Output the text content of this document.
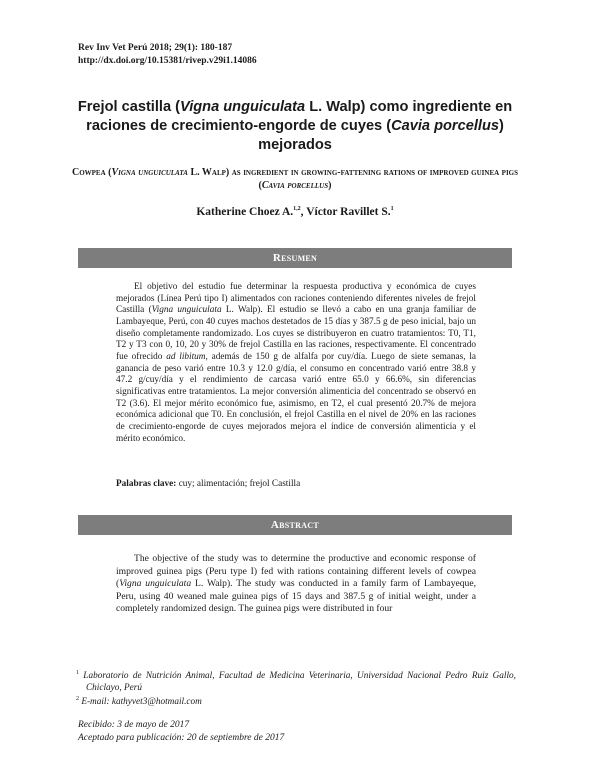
Rev Inv Vet Perú 2018; 29(1): 180-187
http://dx.doi.org/10.15381/rivep.v29i1.14086
Frejol castilla (Vigna unguiculata L. Walp) como ingrediente en raciones de crecimiento-engorde de cuyes (Cavia porcellus) mejorados
Cowpea (Vigna unguiculata L. Walp) as ingredient in growing-fattening rations of improved guinea pigs (Cavia porcellus)
Katherine Choez A.$^{1,2}$, Víctor Ravillet S.$^1$
Resumen
El objetivo del estudio fue determinar la respuesta productiva y económica de cuyes mejorados (Línea Perú tipo I) alimentados con raciones conteniendo diferentes niveles de frejol Castilla (Vigna unguiculata L. Walp). El estudio se llevó a cabo en una granja familiar de Lambayeque, Perú, con 40 cuyes machos destetados de 15 días y 387.5 g de peso inicial, bajo un diseño completamente randomizado. Los cuyes se distribuyeron en cuatro tratamientos: T0, T1, T2 y T3 con 0, 10, 20 y 30% de frejol Castilla en las raciones, respectivamente. El concentrado fue ofrecido ad libitum, además de 150 g de alfalfa por cuy/día. Luego de siete semanas, la ganancia de peso varió entre 10.3 y 12.0 g/día, el consumo en concentrado varió entre 38.8 y 47.2 g/cuy/día y el rendimiento de carcasa varió entre 65.0 y 66.6%, sin diferencias significativas entre tratamientos. La mejor conversión alimenticia del concentrado se observó en T2 (3.6). El mejor mérito económico fue, asimismo, en T2, el cual presentó 20.7% de mejora económica adicional que T0. En conclusión, el frejol Castilla en el nivel de 20% en las raciones de crecimiento-engorde de cuyes mejorados mejora el índice de conversión alimenticia y el mérito económico.
Palabras clave: cuy; alimentación; frejol Castilla
Abstract
The objective of the study was to determine the productive and economic response of improved guinea pigs (Peru type I) fed with rations containing different levels of cowpea (Vigna unguiculata L. Walp). The study was conducted in a family farm of Lambayeque, Peru, using 40 weaned male guinea pigs of 15 days and 387.5 g of initial weight, under a completely randomized design. The guinea pigs were distributed in four
$^1$ Laboratorio de Nutrición Animal, Facultad de Medicina Veterinaria, Universidad Nacional Pedro Ruiz Gallo, Chiclayo, Perú
$^2$ E-mail: kathyvet3@hotmail.com
Recibido: 3 de mayo de 2017
Aceptado para publicación: 20 de septiembre de 2017
